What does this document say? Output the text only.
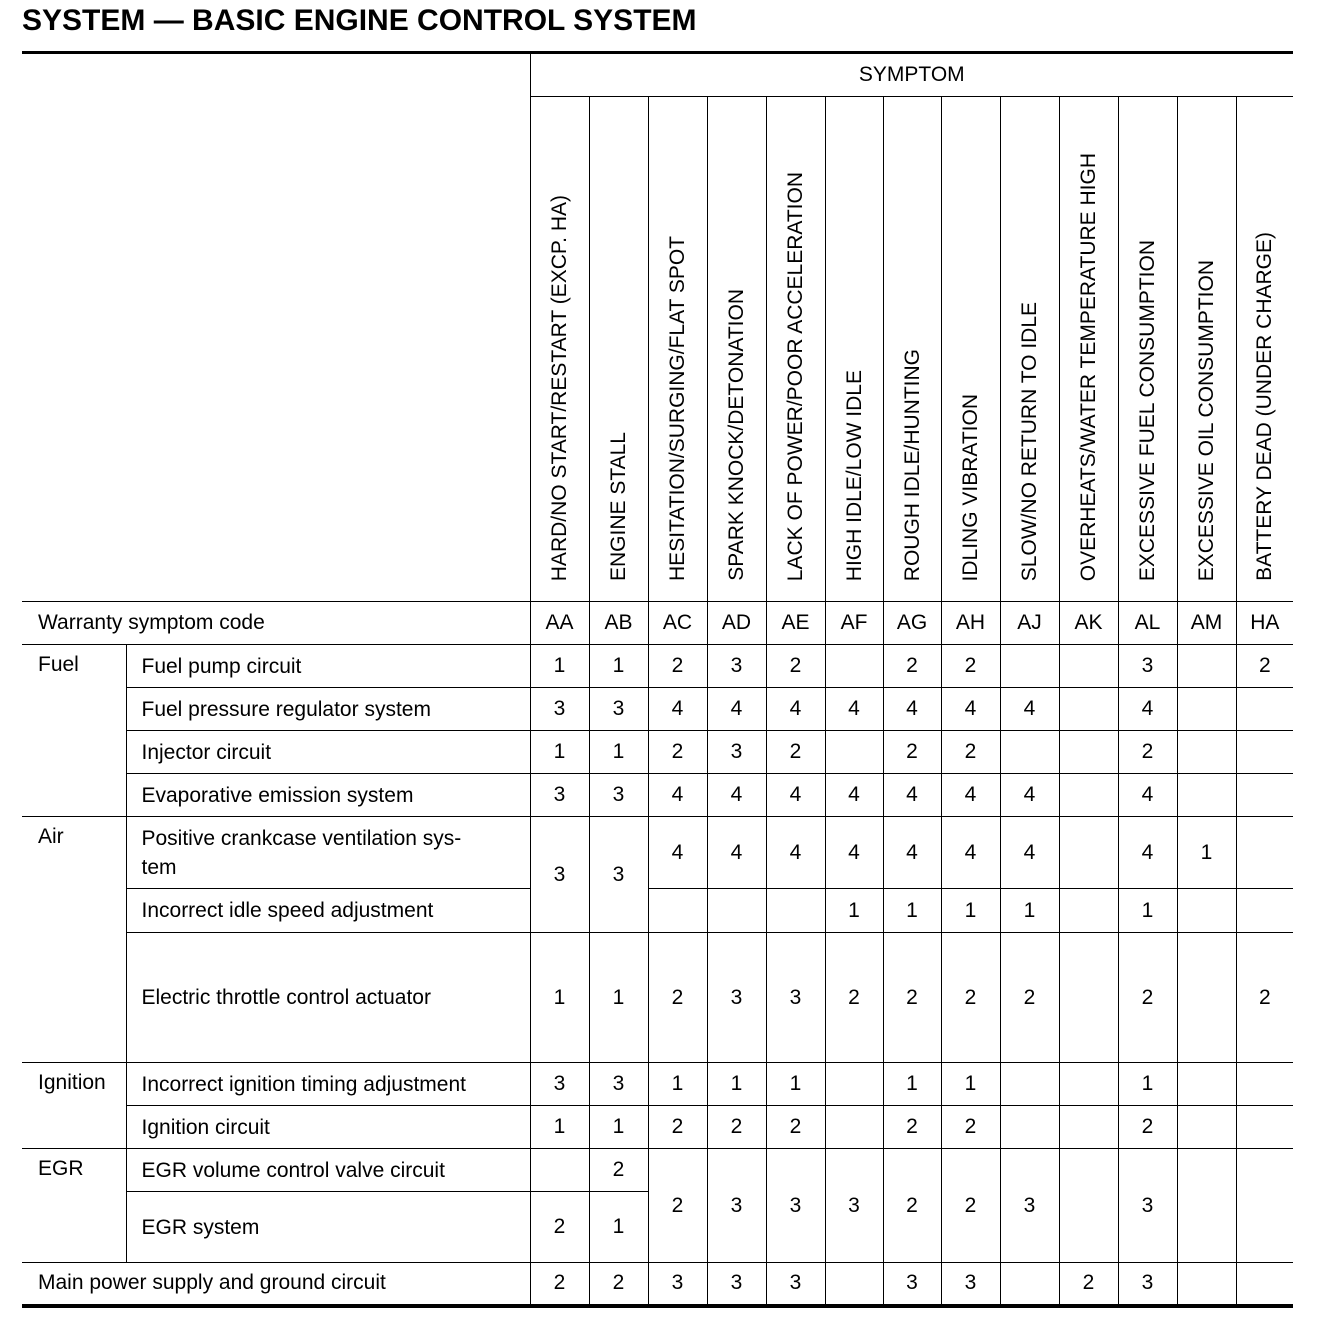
SYSTEM — BASIC ENGINE CONTROL SYSTEM
		SYMPTOM												
		HARD/NO START/RESTART (EXCP. HA)	ENGINE STALL	HESITATION/SURGING/FLAT SPOT	SPARK KNOCK/DETONATION	LACK OF POWER/POOR ACCELERATION	HIGH IDLE/LOW IDLE	ROUGH IDLE/HUNTING	IDLING VIBRATION	SLOW/NO RETURN TO IDLE	OVERHEATS/WATER TEMPERATURE HIGH	EXCESSIVE FUEL CONSUMPTION	EXCESSIVE OIL CONSUMPTION	BATTERY DEAD (UNDER CHARGE)
Warranty symptom code		AA	AB	AC	AD	AE	AF	AG	AH	AJ	AK	AL	AM	HA
Fuel	Fuel pump circuit	1	1	2	3	2		2	2			3		2
	Fuel pressure regulator system	3	3	4	4	4	4	4	4	4		4		
	Injector circuit	1	1	2	3	2		2	2			2		
	Evaporative emission system	3	3	4	4	4	4	4	4	4		4		
Air	Positive crankcase ventilation sys-
tem	3	3	4	4	4	4	4	4	4		4	1	
	Incorrect idle speed adjustment						1	1	1	1		1		
	Electric throttle control actuator	1	1	2	3	3	2	2	2	2		2		2
Ignition	Incorrect ignition timing adjustment	3	3	1	1	1		1	1			1		
	Ignition circuit	1	1	2	2	2		2	2			2		
EGR	EGR volume control valve circuit		2	2	3	3	3	2	2	3		3		
	EGR system	2	1											
Main power supply and ground circuit		2	2	3	3	3		3	3		2	3		
